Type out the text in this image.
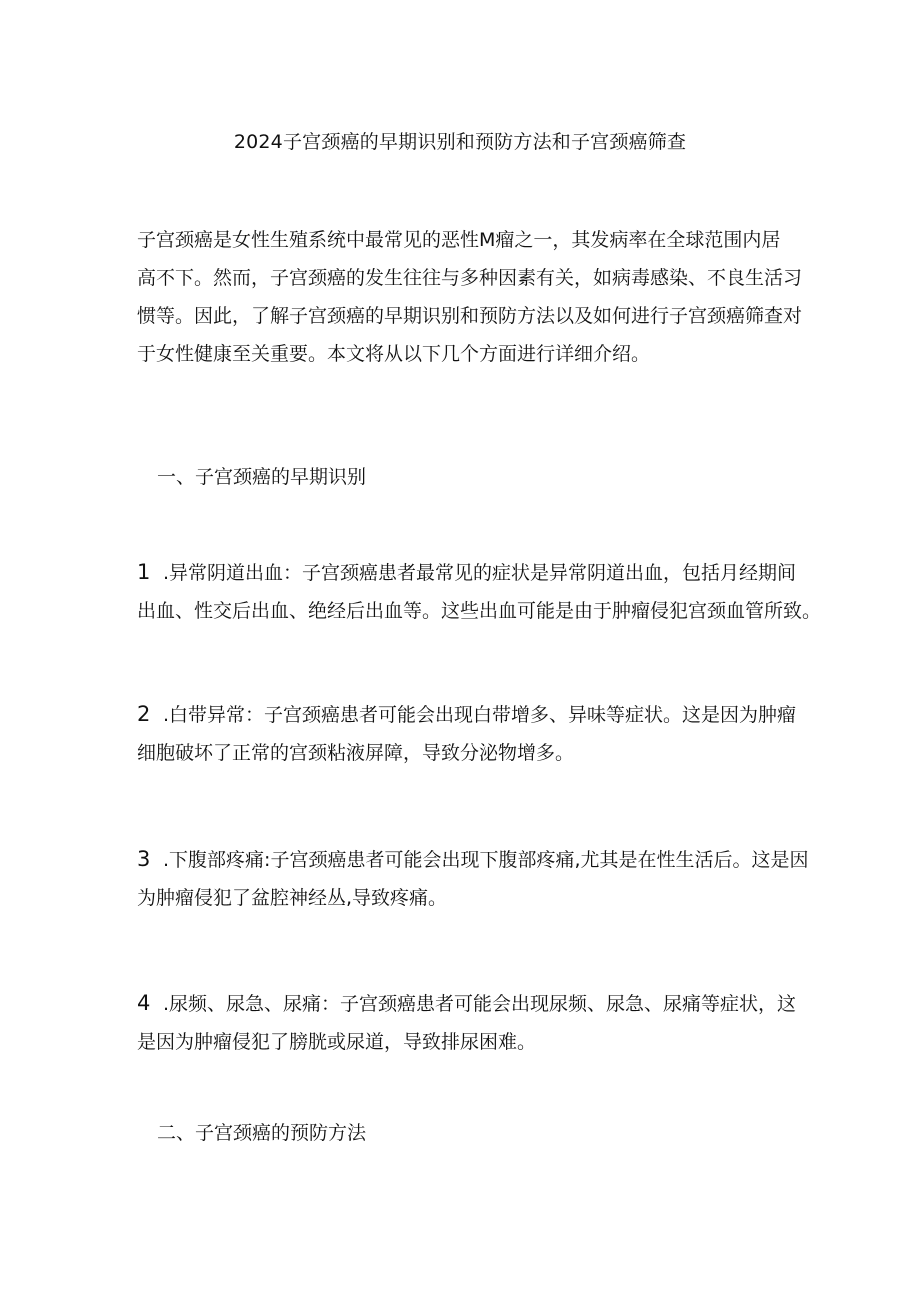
2024子宫颈癌的早期识别和预防方法和子宫颈癌筛查
子宫颈癌是女性生殖系统中最常见的恶性M瘤之一，其发病率在全球范围内居
高不下。然而，子宫颈癌的发生往往与多种因素有关，如病毒感染、不良生活习
惯等。因此，了解子宫颈癌的早期识别和预防方法以及如何进行子宫颈癌筛查对
于女性健康至关重要。本文将从以下几个方面进行详细介绍。
一、子宫颈癌的早期识别
1 .异常阴道出血：子宫颈癌患者最常见的症状是异常阴道出血，包括月经期间
出血、性交后出血、绝经后出血等。这些出血可能是由于肿瘤侵犯宫颈血管所致。
2 .白带异常：子宫颈癌患者可能会出现白带增多、异味等症状。这是因为肿瘤
细胞破坏了正常的宫颈粘液屏障，导致分泌物增多。
3 .下腹部疼痛:子宫颈癌患者可能会出现下腹部疼痛,尤其是在性生活后。这是因
为肿瘤侵犯了盆腔神经丛,导致疼痛。
4 .尿频、尿急、尿痛：子宫颈癌患者可能会出现尿频、尿急、尿痛等症状，这
是因为肿瘤侵犯了膀胱或尿道，导致排尿困难。
二、子宫颈癌的预防方法
